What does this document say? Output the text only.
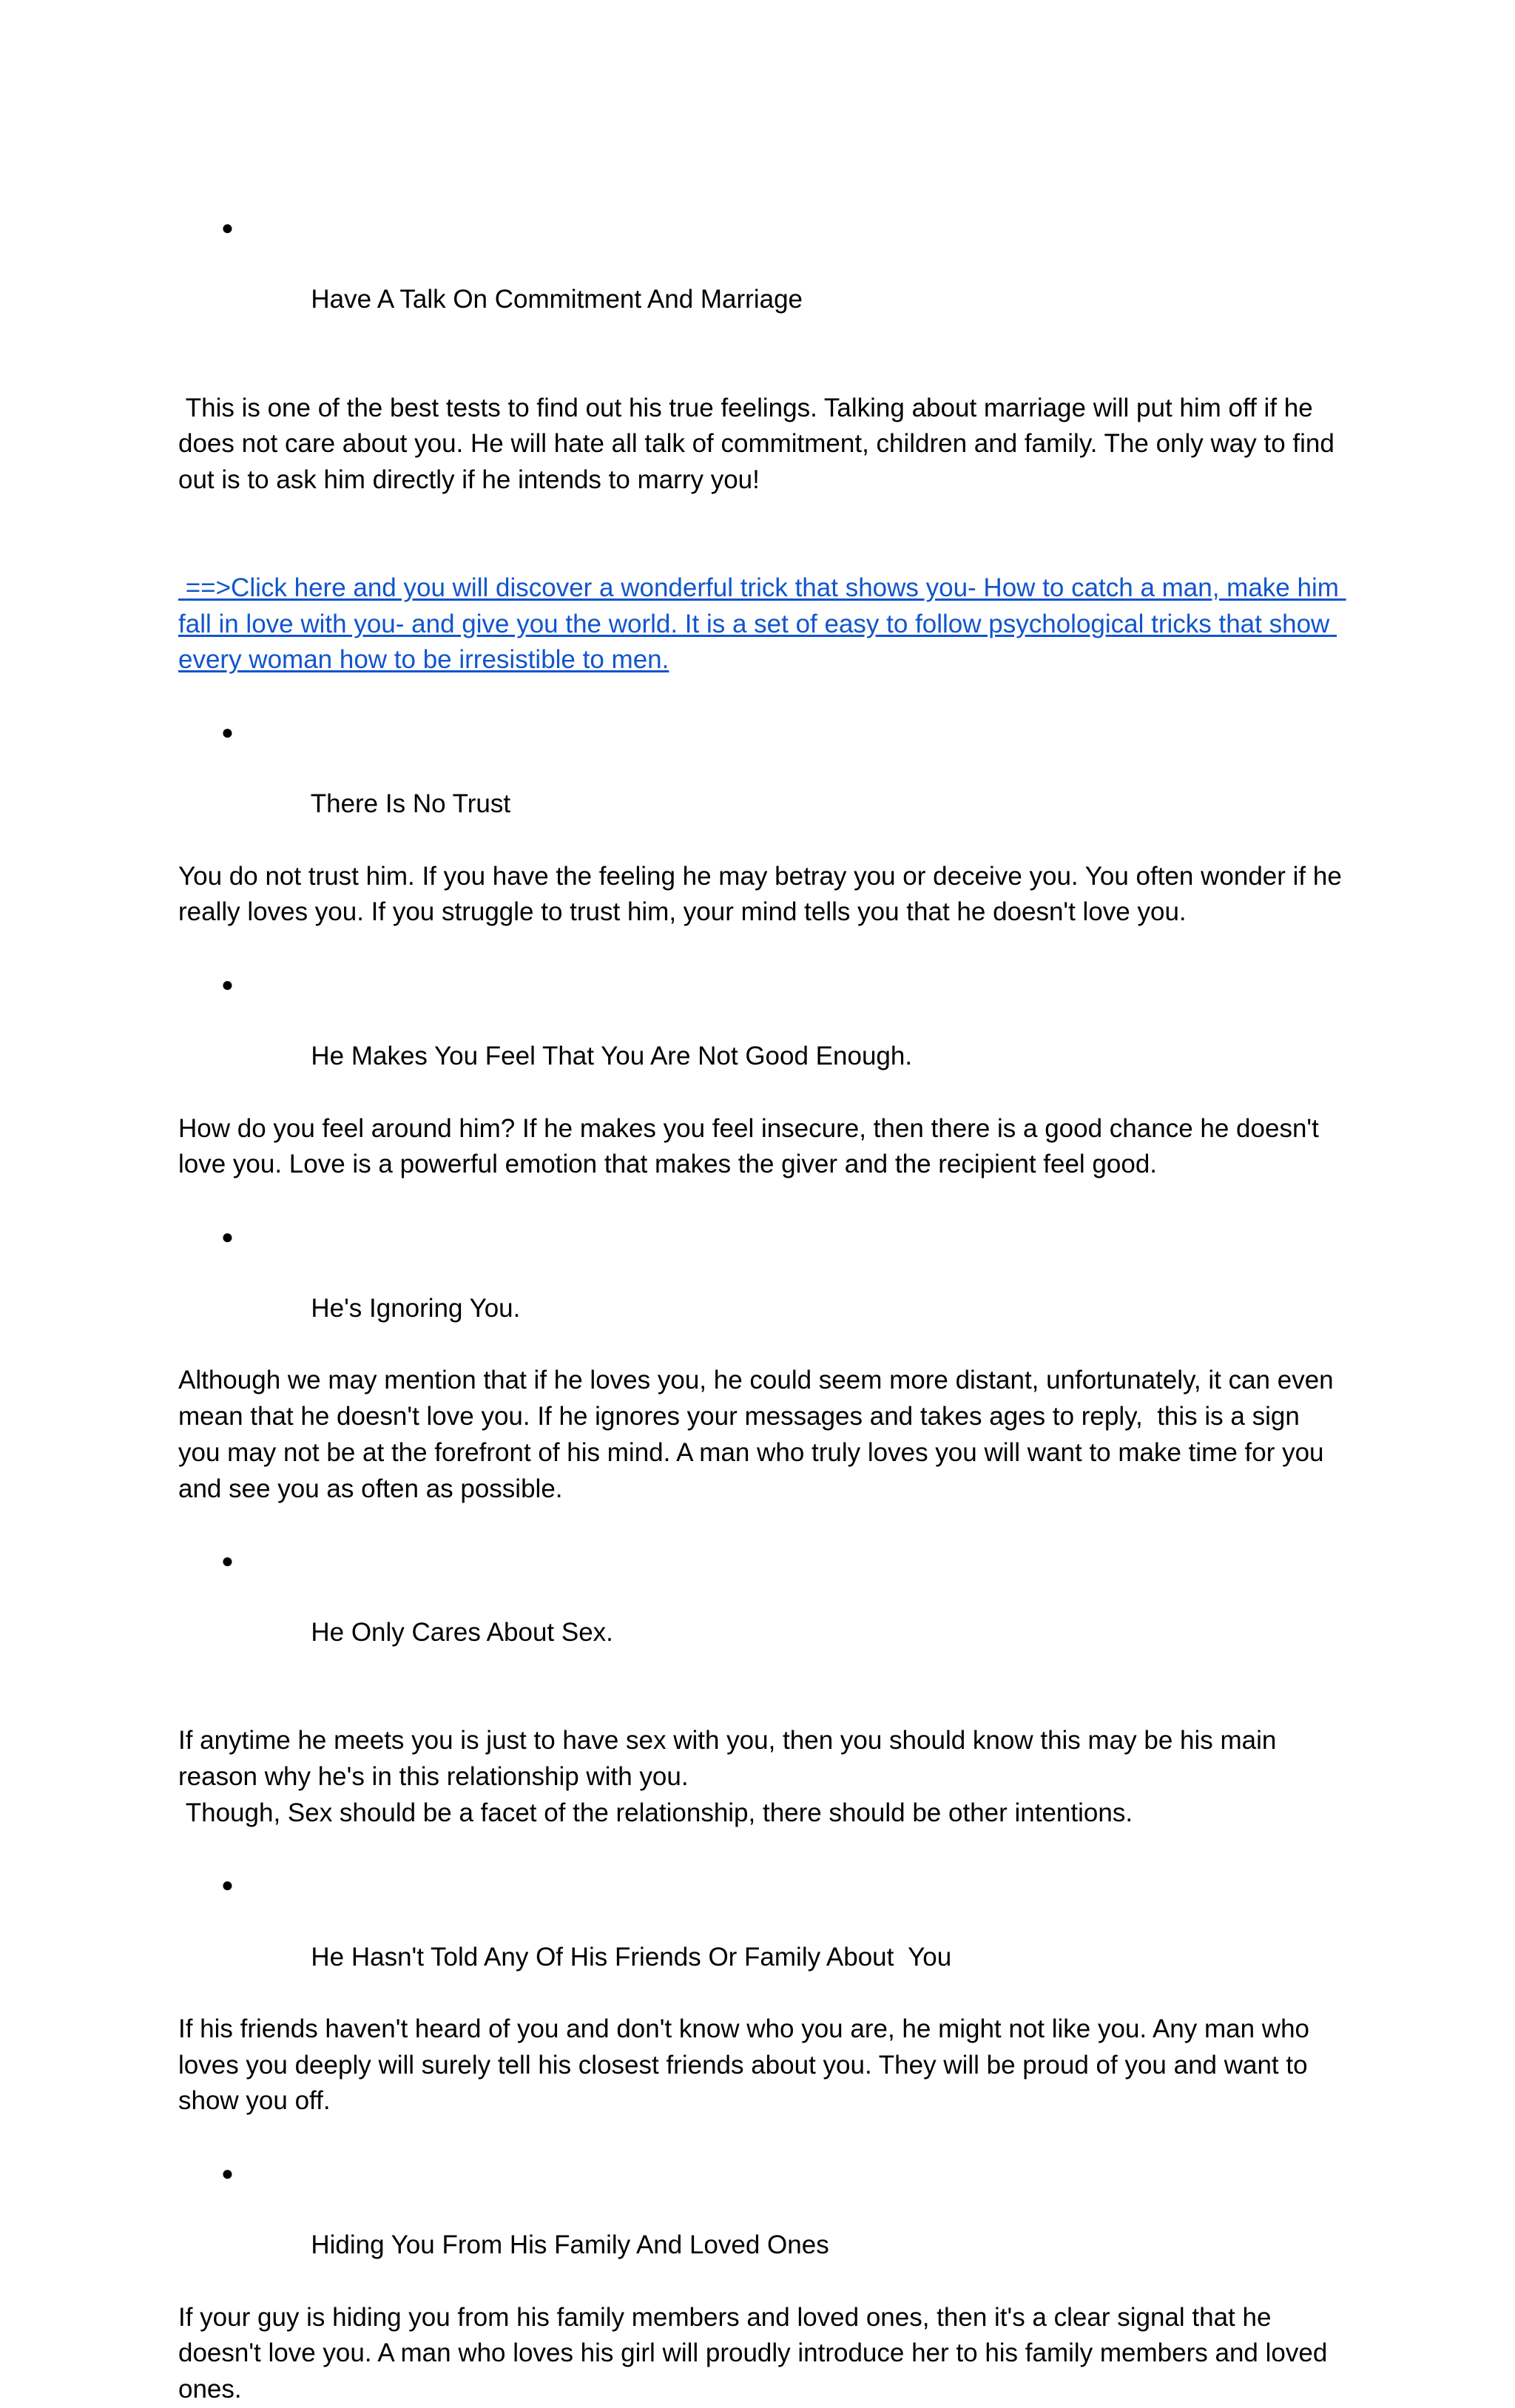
●

Have A Talk On Commitment And Marriage

This is one of the best tests to find out his true feelings. Talking about marriage will put him off if he does not care about you. He will hate all talk of commitment, children and family. The only way to find out is to ask him directly if he intends to marry you!
==>Click here and you will discover a wonderful trick that shows you- How to catch a man, make him fall in love with you- and give you the world. It is a set of easy to follow psychological tricks that show every woman how to be irresistible to men.

●

There Is No Trust

You do not trust him. If you have the feeling he may betray you or deceive you. You often wonder if he really loves you. If you struggle to trust him, your mind tells you that he doesn't love you.

●

He Makes You Feel That You Are Not Good Enough.

How do you feel around him? If he makes you feel insecure, then there is a good chance he doesn't love you. Love is a powerful emotion that makes the giver and the recipient feel good.

●

He's Ignoring You.

Although we may mention that if he loves you, he could seem more distant, unfortunately, it can even mean that he doesn't love you. If he ignores your messages and takes ages to reply,  this is a sign you may not be at the forefront of his mind. A man who truly loves you will want to make time for you and see you as often as possible.

●

He Only Cares About Sex.

If anytime he meets you is just to have sex with you, then you should know this may be his main reason why he's in this relationship with you.
Though, Sex should be a facet of the relationship, there should be other intentions.

●

He Hasn't Told Any Of His Friends Or Family About  You

If his friends haven't heard of you and don't know who you are, he might not like you. Any man who loves you deeply will surely tell his closest friends about you. They will be proud of you and want to show you off.

●

Hiding You From His Family And Loved Ones

If your guy is hiding you from his family members and loved ones, then it's a clear signal that he doesn't love you. A man who loves his girl will proudly introduce her to his family members and loved ones.
